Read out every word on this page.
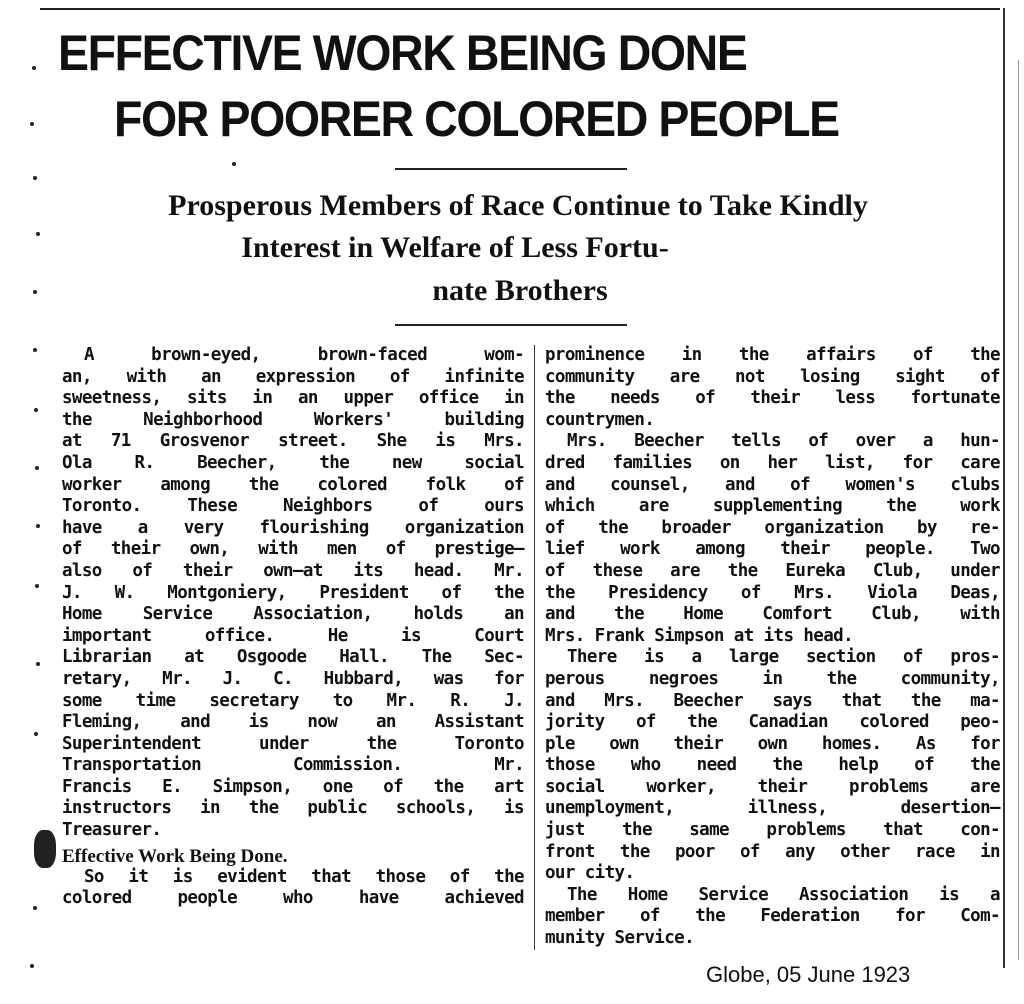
EFFECTIVE WORK BEING DONE
FOR POORER COLORED PEOPLE
Prosperous Members of Race Continue to Take Kindly
Interest in Welfare of Less Fortu-
nate Brothers
A brown-eyed, brown-faced wom-
an, with an expression of infinite
sweetness, sits in an upper office in
the Neighborhood Workers' building
at 71 Grosvenor street. She is Mrs.
Ola R. Beecher, the new social
worker among the colored folk of
Toronto. These Neighbors of ours
have a very flourishing organization
of their own, with men of prestige—
also of their own—at its head. Mr.
J. W. Montgoniery, President of the
Home Service Association, holds an
important office. He is Court
Librarian at Osgoode Hall. The Sec-
retary, Mr. J. C. Hubbard, was for
some time secretary to Mr. R. J.
Fleming, and is now an Assistant
Superintendent under the Toronto
Transportation Commission. Mr.
Francis E. Simpson, one of the art
instructors in the public schools, is
Treasurer.
Effective Work Being Done.
So it is evident that those of the
colored people who have achieved
prominence in the affairs of the
community are not losing sight of
the needs of their less fortunate
countrymen.
Mrs. Beecher tells of over a hun-
dred families on her list, for care
and counsel, and of women's clubs
which are supplementing the work
of the broader organization by re-
lief work among their people. Two
of these are the Eureka Club, under
the Presidency of Mrs. Viola Deas,
and the Home Comfort Club, with
Mrs. Frank Simpson at its head.
There is a large section of pros-
perous negroes in the community,
and Mrs. Beecher says that the ma-
jority of the Canadian colored peo-
ple own their own homes. As for
those who need the help of the
social worker, their problems are
unemployment, illness, desertion—
just the same problems that con-
front the poor of any other race in
our city.
The Home Service Association is a
member of the Federation for Com-
munity Service.
Globe, 05 June 1923
